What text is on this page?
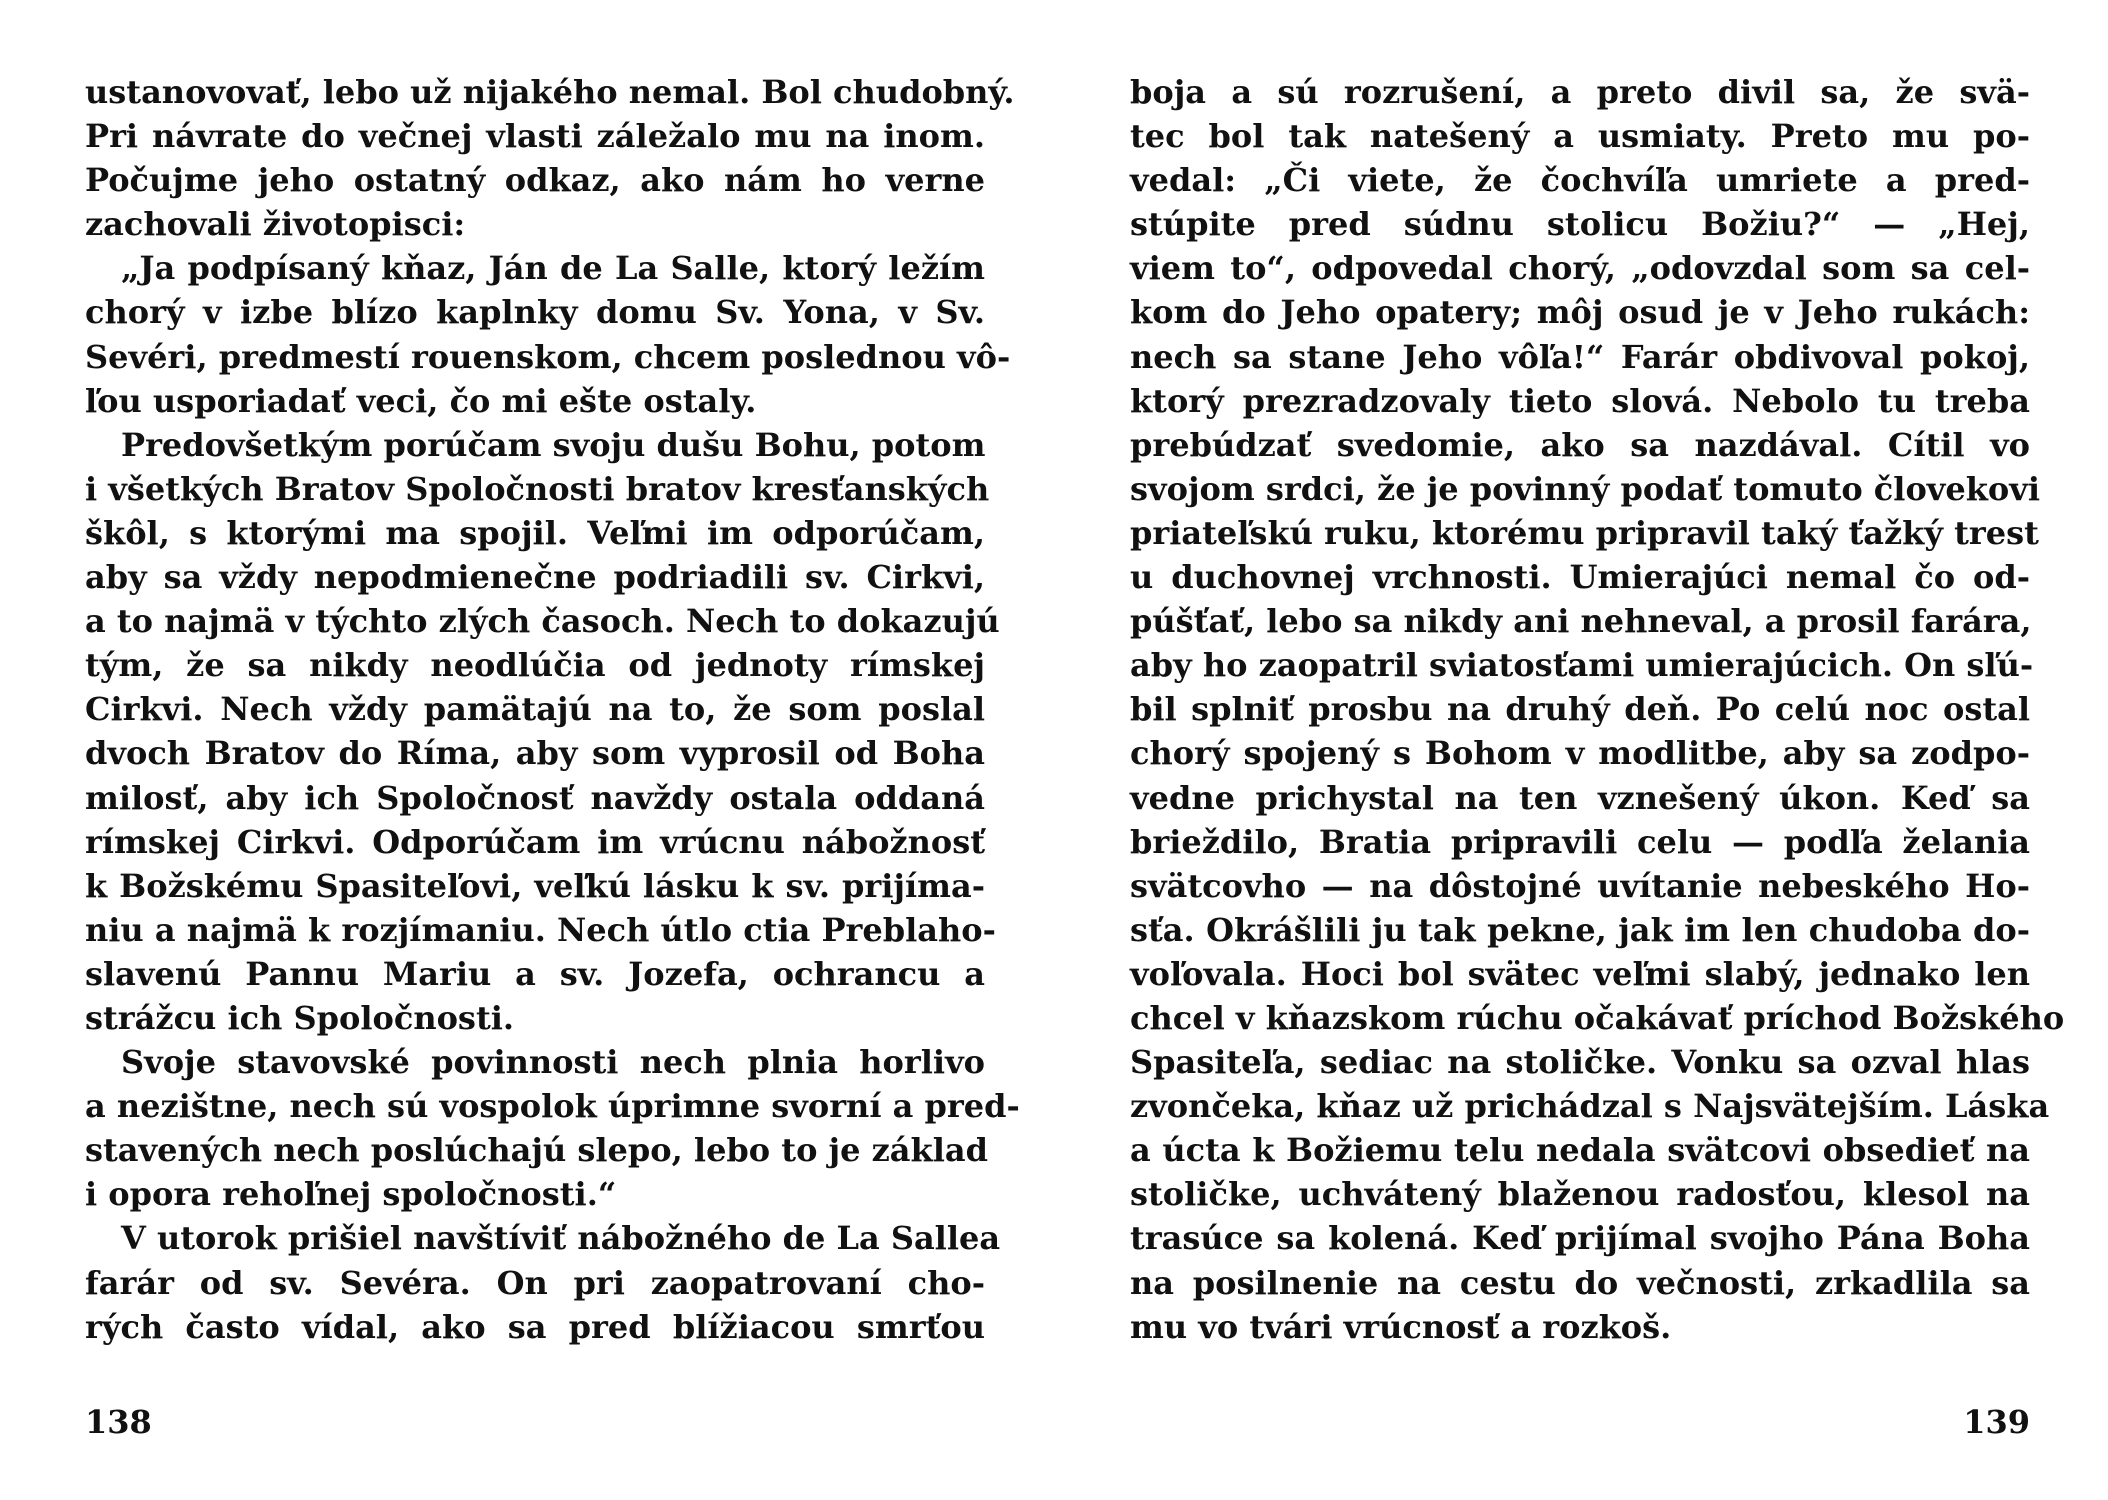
ustanovovať, lebo už nijakého nemal. Bol chudobný.
Pri návrate do večnej vlasti záležalo mu na inom.
Počujme jeho ostatný odkaz, ako nám ho verne
zachovali životopisci:
„Ja podpísaný kňaz, Ján de La Salle, ktorý ležím
chorý v izbe blízo kaplnky domu Sv. Yona, v Sv.
Sevéri, predmestí rouenskom, chcem poslednou vô-
ľou usporiadať veci, čo mi ešte ostaly.
Predovšetkým porúčam svoju dušu Bohu, potom
i všetkých Bratov Spoločnosti bratov kresťanských
škôl, s ktorými ma spojil. Veľmi im odporúčam,
aby sa vždy nepodmienečne podriadili sv. Cirkvi,
a to najmä v týchto zlých časoch. Nech to dokazujú
tým, že sa nikdy neodlúčia od jednoty rímskej
Cirkvi. Nech vždy pamätajú na to, že som poslal
dvoch Bratov do Ríma, aby som vyprosil od Boha
milosť, aby ich Spoločnosť navždy ostala oddaná
rímskej Cirkvi. Odporúčam im vrúcnu nábožnosť
k Božskému Spasiteľovi, veľkú lásku k sv. prijíma-
niu a najmä k rozjímaniu. Nech útlo ctia Preblaho-
slavenú Pannu Mariu a sv. Jozefa, ochrancu a
strážcu ich Spoločnosti.
Svoje stavovské povinnosti nech plnia horlivo
a nezištne, nech sú vospolok úprimne svorní a pred-
stavených nech poslúchajú slepo, lebo to je základ
i opora rehoľnej spoločnosti.“
V utorok prišiel navštíviť nábožného de La Sallea
farár od sv. Sevéra. On pri zaopatrovaní cho-
rých často vídal, ako sa pred blížiacou smrťou
138
boja a sú rozrušení, a preto divil sa, že svä-
tec bol tak natešený a usmiaty. Preto mu po-
vedal: „Či viete, že čochvíľa umriete a pred-
stúpite pred súdnu stolicu Božiu?“ — „Hej,
viem to“, odpovedal chorý, „odovzdal som sa cel-
kom do Jeho opatery; môj osud je v Jeho rukách:
nech sa stane Jeho vôľa!“ Farár obdivoval pokoj,
ktorý prezradzovaly tieto slová. Nebolo tu treba
prebúdzať svedomie, ako sa nazdával. Cítil vo
svojom srdci, že je povinný podať tomuto človekovi
priateľskú ruku, ktorému pripravil taký ťažký trest
u duchovnej vrchnosti. Umierajúci nemal čo od-
púšťať, lebo sa nikdy ani nehneval, a prosil farára,
aby ho zaopatril sviatosťami umierajúcich. On sľú-
bil splniť prosbu na druhý deň. Po celú noc ostal
chorý spojený s Bohom v modlitbe, aby sa zodpo-
vedne prichystal na ten vznešený úkon. Keď sa
brieždilo, Bratia pripravili celu — podľa želania
svätcovho — na dôstojné uvítanie nebeského Ho-
sťa. Okrášlili ju tak pekne, jak im len chudoba do-
voľovala. Hoci bol svätec veľmi slabý, jednako len
chcel v kňazskom rúchu očakávať príchod Božského
Spasiteľa, sediac na stoličke. Vonku sa ozval hlas
zvončeka, kňaz už prichádzal s Najsvätejším. Láska
a úcta k Božiemu telu nedala svätcovi obsedieť na
stoličke, uchvátený blaženou radosťou, klesol na
trasúce sa kolená. Keď prijímal svojho Pána Boha
na posilnenie na cestu do večnosti, zrkadlila sa
mu vo tvári vrúcnosť a rozkoš.
139
